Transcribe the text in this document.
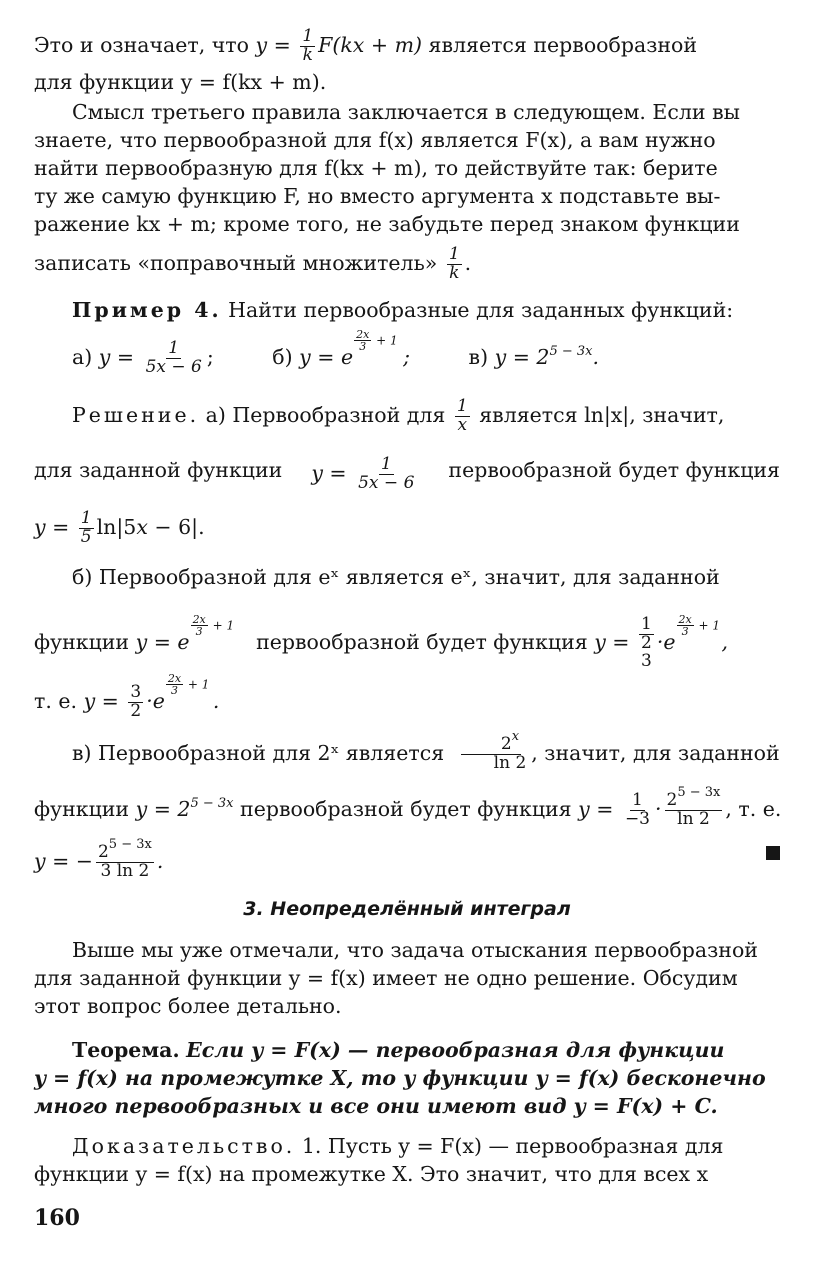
Это и означает, что $y = \frac{1}{k} F(kx + m)$ является первообразной
для функции y = f(kx + m).
Смысл третьего правила заключается в следующем. Если вы
знаете, что первообразной для f(x) является F(x), а вам нужно
найти первообразную для f(kx + m), то действуйте так: берите
ту же самую функцию F, но вместо аргумента x подставьте вы-
ражение kx + m; кроме того, не забудьте перед знаком функции
записать «поправочный множитель» $\frac{1}{k}$ .
Пример 4. Найти первообразные для заданных функций:
а) $y = \frac{1}{5x - 6}$ ;	б) y = e
$\frac{2x}{3} + 1$
;	в) $y = 2^{5 - 3x}$.
Решение. а) Первообразной для $\frac{1}{x}$ является ln|x|, значит,
для заданной функции $y = \frac{1}{5x - 6}$ первообразной будет функция
$y = \frac{1}{5} \ln|5x - 6|$.
б) Первообразной для eˣ является eˣ, значит, для заданной
функции y = e
$\frac{2x}{3} + 1$
первообразной будет функция y =
1
2
3
·e
$\frac{2x}{3} + 1$
,
т. е. $y = \frac{3}{2} \cdot e$
$\frac{2x}{3} + 1$
.
в) Первообразной для 2ˣ является $\frac{2^x}{\ln 2}$ , значит, для заданной
функции $y = 2^{5 - 3x}$ первообразной будет функция $y = \frac{1}{-3} \cdot \frac{2^{5 - 3x}}{\ln 2}$ , т. е.
y = − $\frac{2^{5 - 3x}}{3 \ln 2}$ .
3. Неопределённый интеграл
Выше мы уже отмечали, что задача отыскания первообразной
для заданной функции y = f(x) имеет не одно решение. Обсудим
этот вопрос более детально.
Теорема. Если y = F(x) — первообразная для функции
y = f(x) на промежутке X, то у функции y = f(x) бесконечно
много первообразных и все они имеют вид y = F(x) + C.
Доказательство. 1. Пусть y = F(x) — первообразная для
функции y = f(x) на промежутке X. Это значит, что для всех x
160
